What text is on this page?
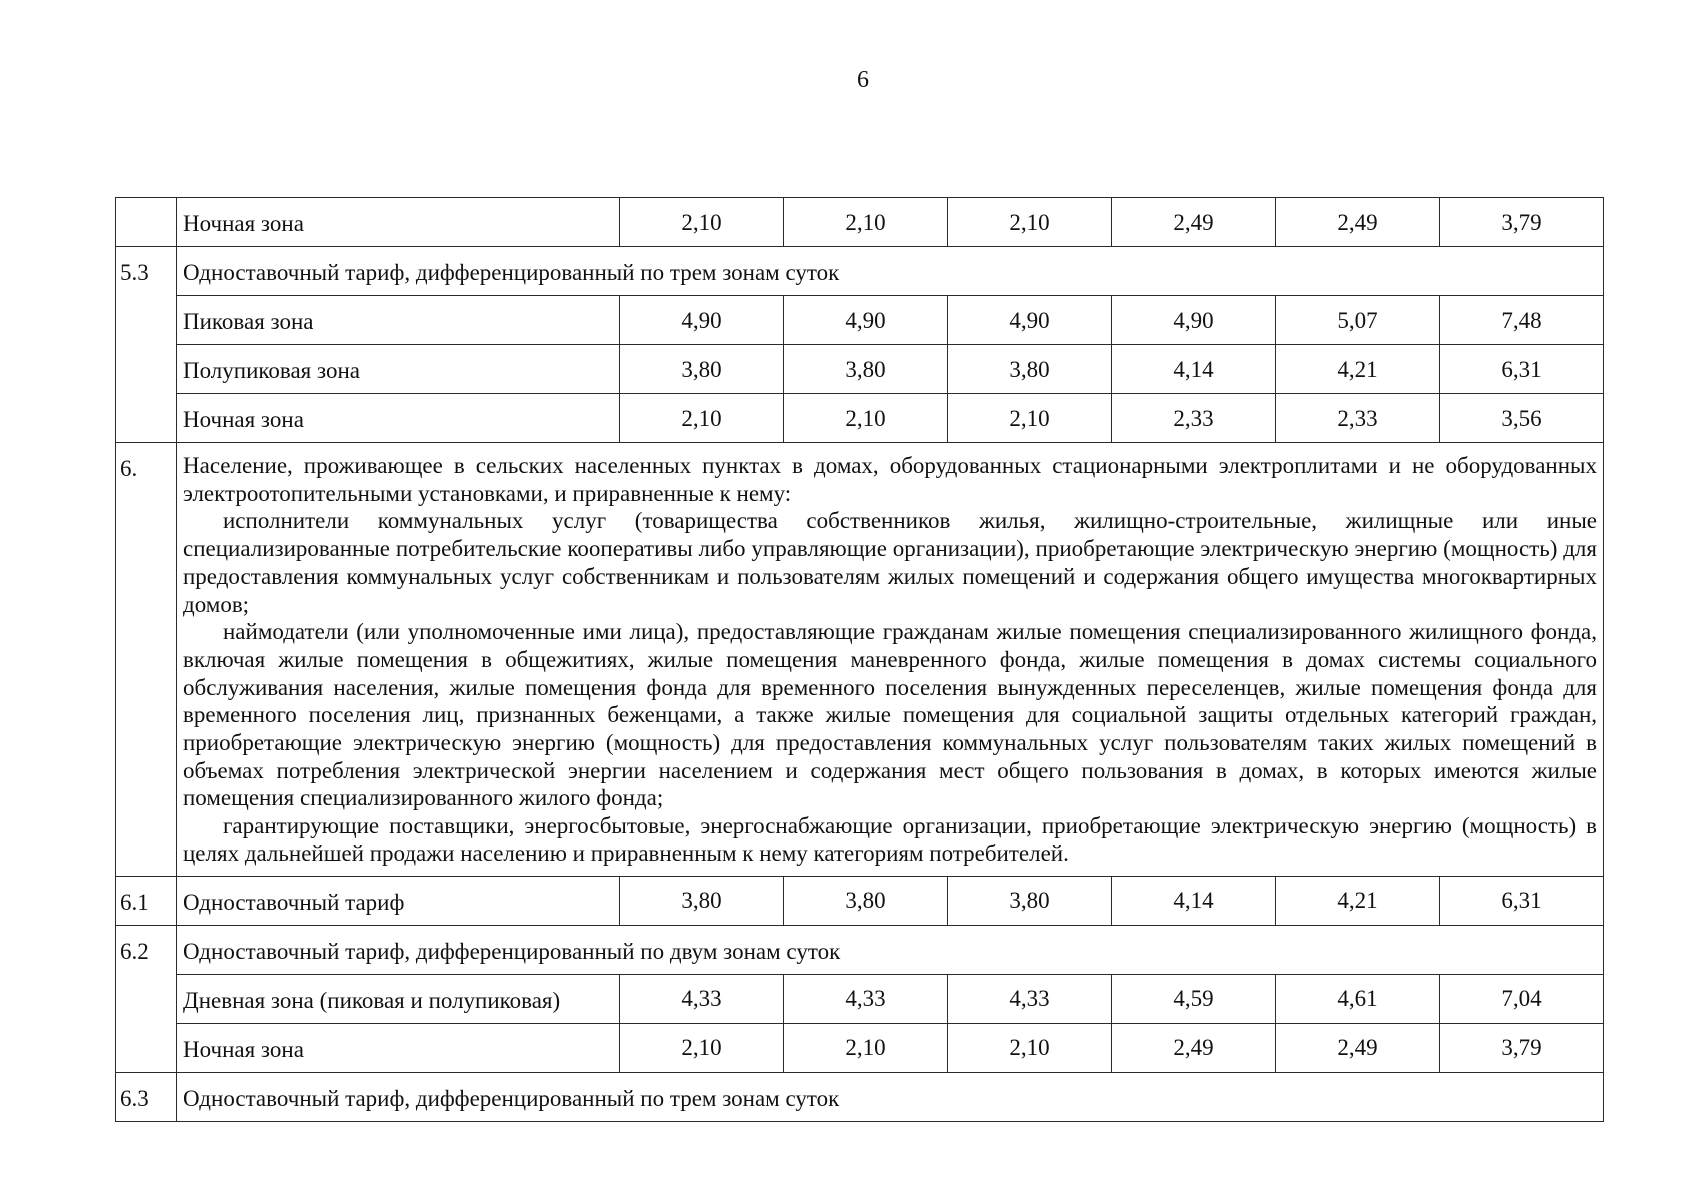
6
	Ночная зона	2,10	2,10	2,10	2,49	2,49	3,79
5.3	Одноставочный тариф, дифференцированный по трем зонам суток						
	Пиковая зона	4,90	4,90	4,90	4,90	5,07	7,48
	Полупиковая зона	3,80	3,80	3,80	4,14	4,21	6,31
	Ночная зона	2,10	2,10	2,10	2,33	2,33	3,56
6.	Население, проживающее в сельских населенных пунктах в домах, оборудованных стационарными электроплитами и не оборудованных электроотопительными установками, и приравненные к нему:

исполнители коммунальных услуг (товарищества собственников жилья, жилищно-строительные, жилищные или иные специализированные потребительские кооперативы либо управляющие организации), приобретающие электрическую энергию (мощность) для предоставления коммунальных услуг собственникам и пользователям жилых помещений и содержания общего имущества многоквартирных домов;

наймодатели (или уполномоченные ими лица), предоставляющие гражданам жилые помещения специализированного жилищного фонда, включая жилые помещения в общежитиях, жилые помещения маневренного фонда, жилые помещения в домах системы социального обслуживания населения, жилые помещения фонда для временного поселения вынужденных переселенцев, жилые помещения фонда для временного поселения лиц, признанных беженцами, а также жилые помещения для социальной защиты отдельных категорий граждан, приобретающие электрическую энергию (мощность) для предоставления коммунальных услуг пользователям таких жилых помещений в объемах потребления электрической энергии населением и содержания мест общего пользования в домах, в которых имеются жилые помещения специализированного жилого фонда;

гарантирующие поставщики, энергосбытовые, энергоснабжающие организации, приобретающие электрическую энергию (мощность) в целях дальнейшей продажи населению и приравненным к нему категориям потребителей.						

6.1	Одноставочный тариф	3,80	3,80	3,80	4,14	4,21	6,31
6.2	Одноставочный тариф, дифференцированный по двум зонам суток						
	Дневная зона (пиковая и полупиковая)	4,33	4,33	4,33	4,59	4,61	7,04
	Ночная зона	2,10	2,10	2,10	2,49	2,49	3,79
6.3	Одноставочный тариф, дифференцированный по трем зонам суток						
